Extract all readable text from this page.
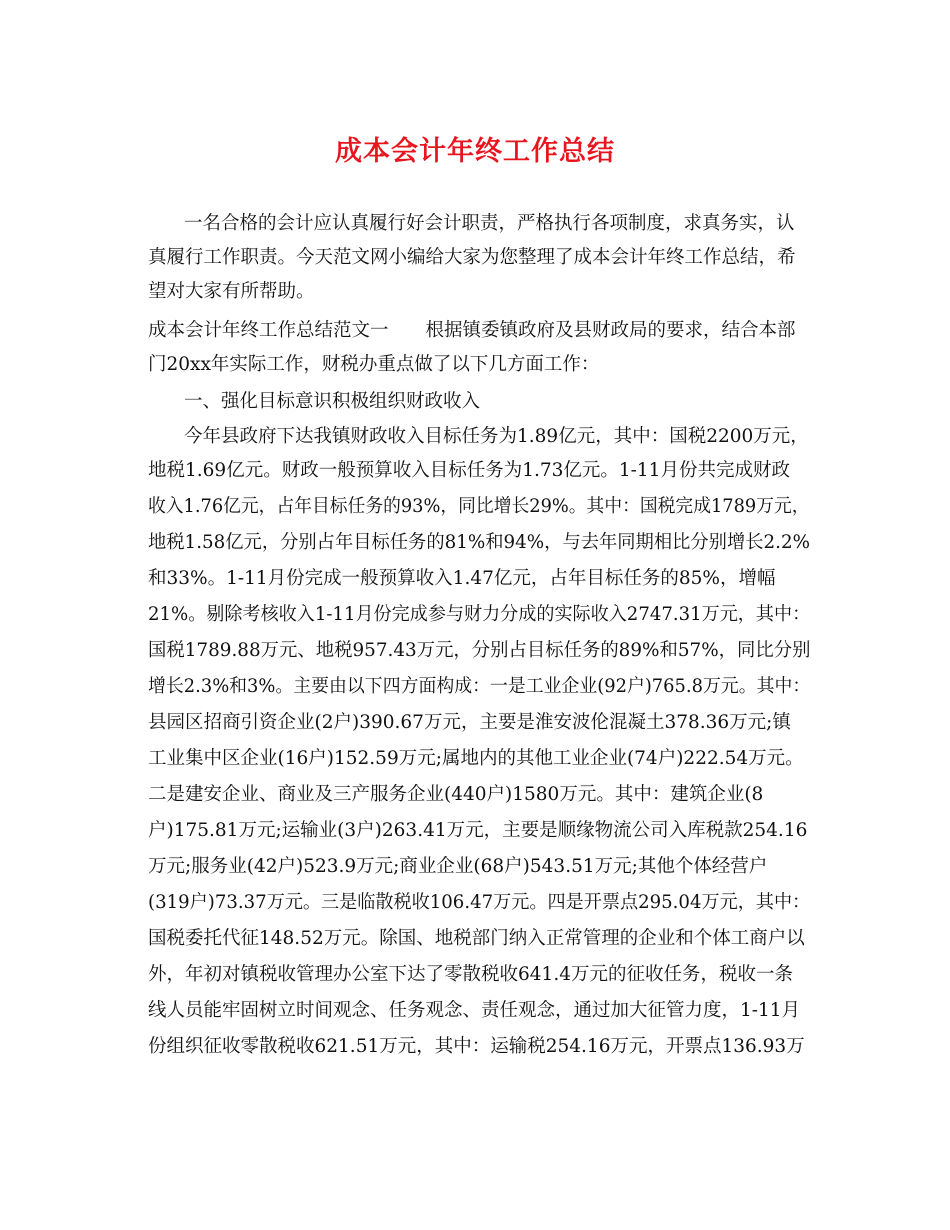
成本会计年终工作总结
一名合格的会计应认真履行好会计职责，严格执行各项制度，求真务实，认
真履行工作职责。今天范文网小编给大家为您整理了成本会计年终工作总结，希
望对大家有所帮助。
成本会计年终工作总结范文一　　根据镇委镇政府及县财政局的要求，结合本部
门20xx年实际工作，财税办重点做了以下几方面工作：
一、强化目标意识积极组织财政收入
今年县政府下达我镇财政收入目标任务为1.89亿元，其中：国税2200万元，
地税1.69亿元。财政一般预算收入目标任务为1.73亿元。1-11月份共完成财政
收入1.76亿元，占年目标任务的93%，同比增长29%。其中：国税完成1789万元，
地税1.58亿元，分别占年目标任务的81%和94%，与去年同期相比分别增长2.2%
和33%。1-11月份完成一般预算收入1.47亿元，占年目标任务的85%，增幅
21%。剔除考核收入1-11月份完成参与财力分成的实际收入2747.31万元，其中：
国税1789.88万元、地税957.43万元，分别占目标任务的89%和57%，同比分别
增长2.3%和3%。主要由以下四方面构成：一是工业企业(92户)765.8万元。其中：
县园区招商引资企业(2户)390.67万元，主要是淮安波伦混凝土378.36万元;镇
工业集中区企业(16户)152.59万元;属地内的其他工业企业(74户)222.54万元。
二是建安企业、商业及三产服务企业(440户)1580万元。其中：建筑企业(8
户)175.81万元;运输业(3户)263.41万元，主要是顺缘物流公司入库税款254.16
万元;服务业(42户)523.9万元;商业企业(68户)543.51万元;其他个体经营户
(319户)73.37万元。三是临散税收106.47万元。四是开票点295.04万元，其中：
国税委托代征148.52万元。除国、地税部门纳入正常管理的企业和个体工商户以
外，年初对镇税收管理办公室下达了零散税收641.4万元的征收任务，税收一条
线人员能牢固树立时间观念、任务观念、责任观念，通过加大征管力度，1-11月
份组织征收零散税收621.51万元，其中：运输税254.16万元，开票点136.93万
